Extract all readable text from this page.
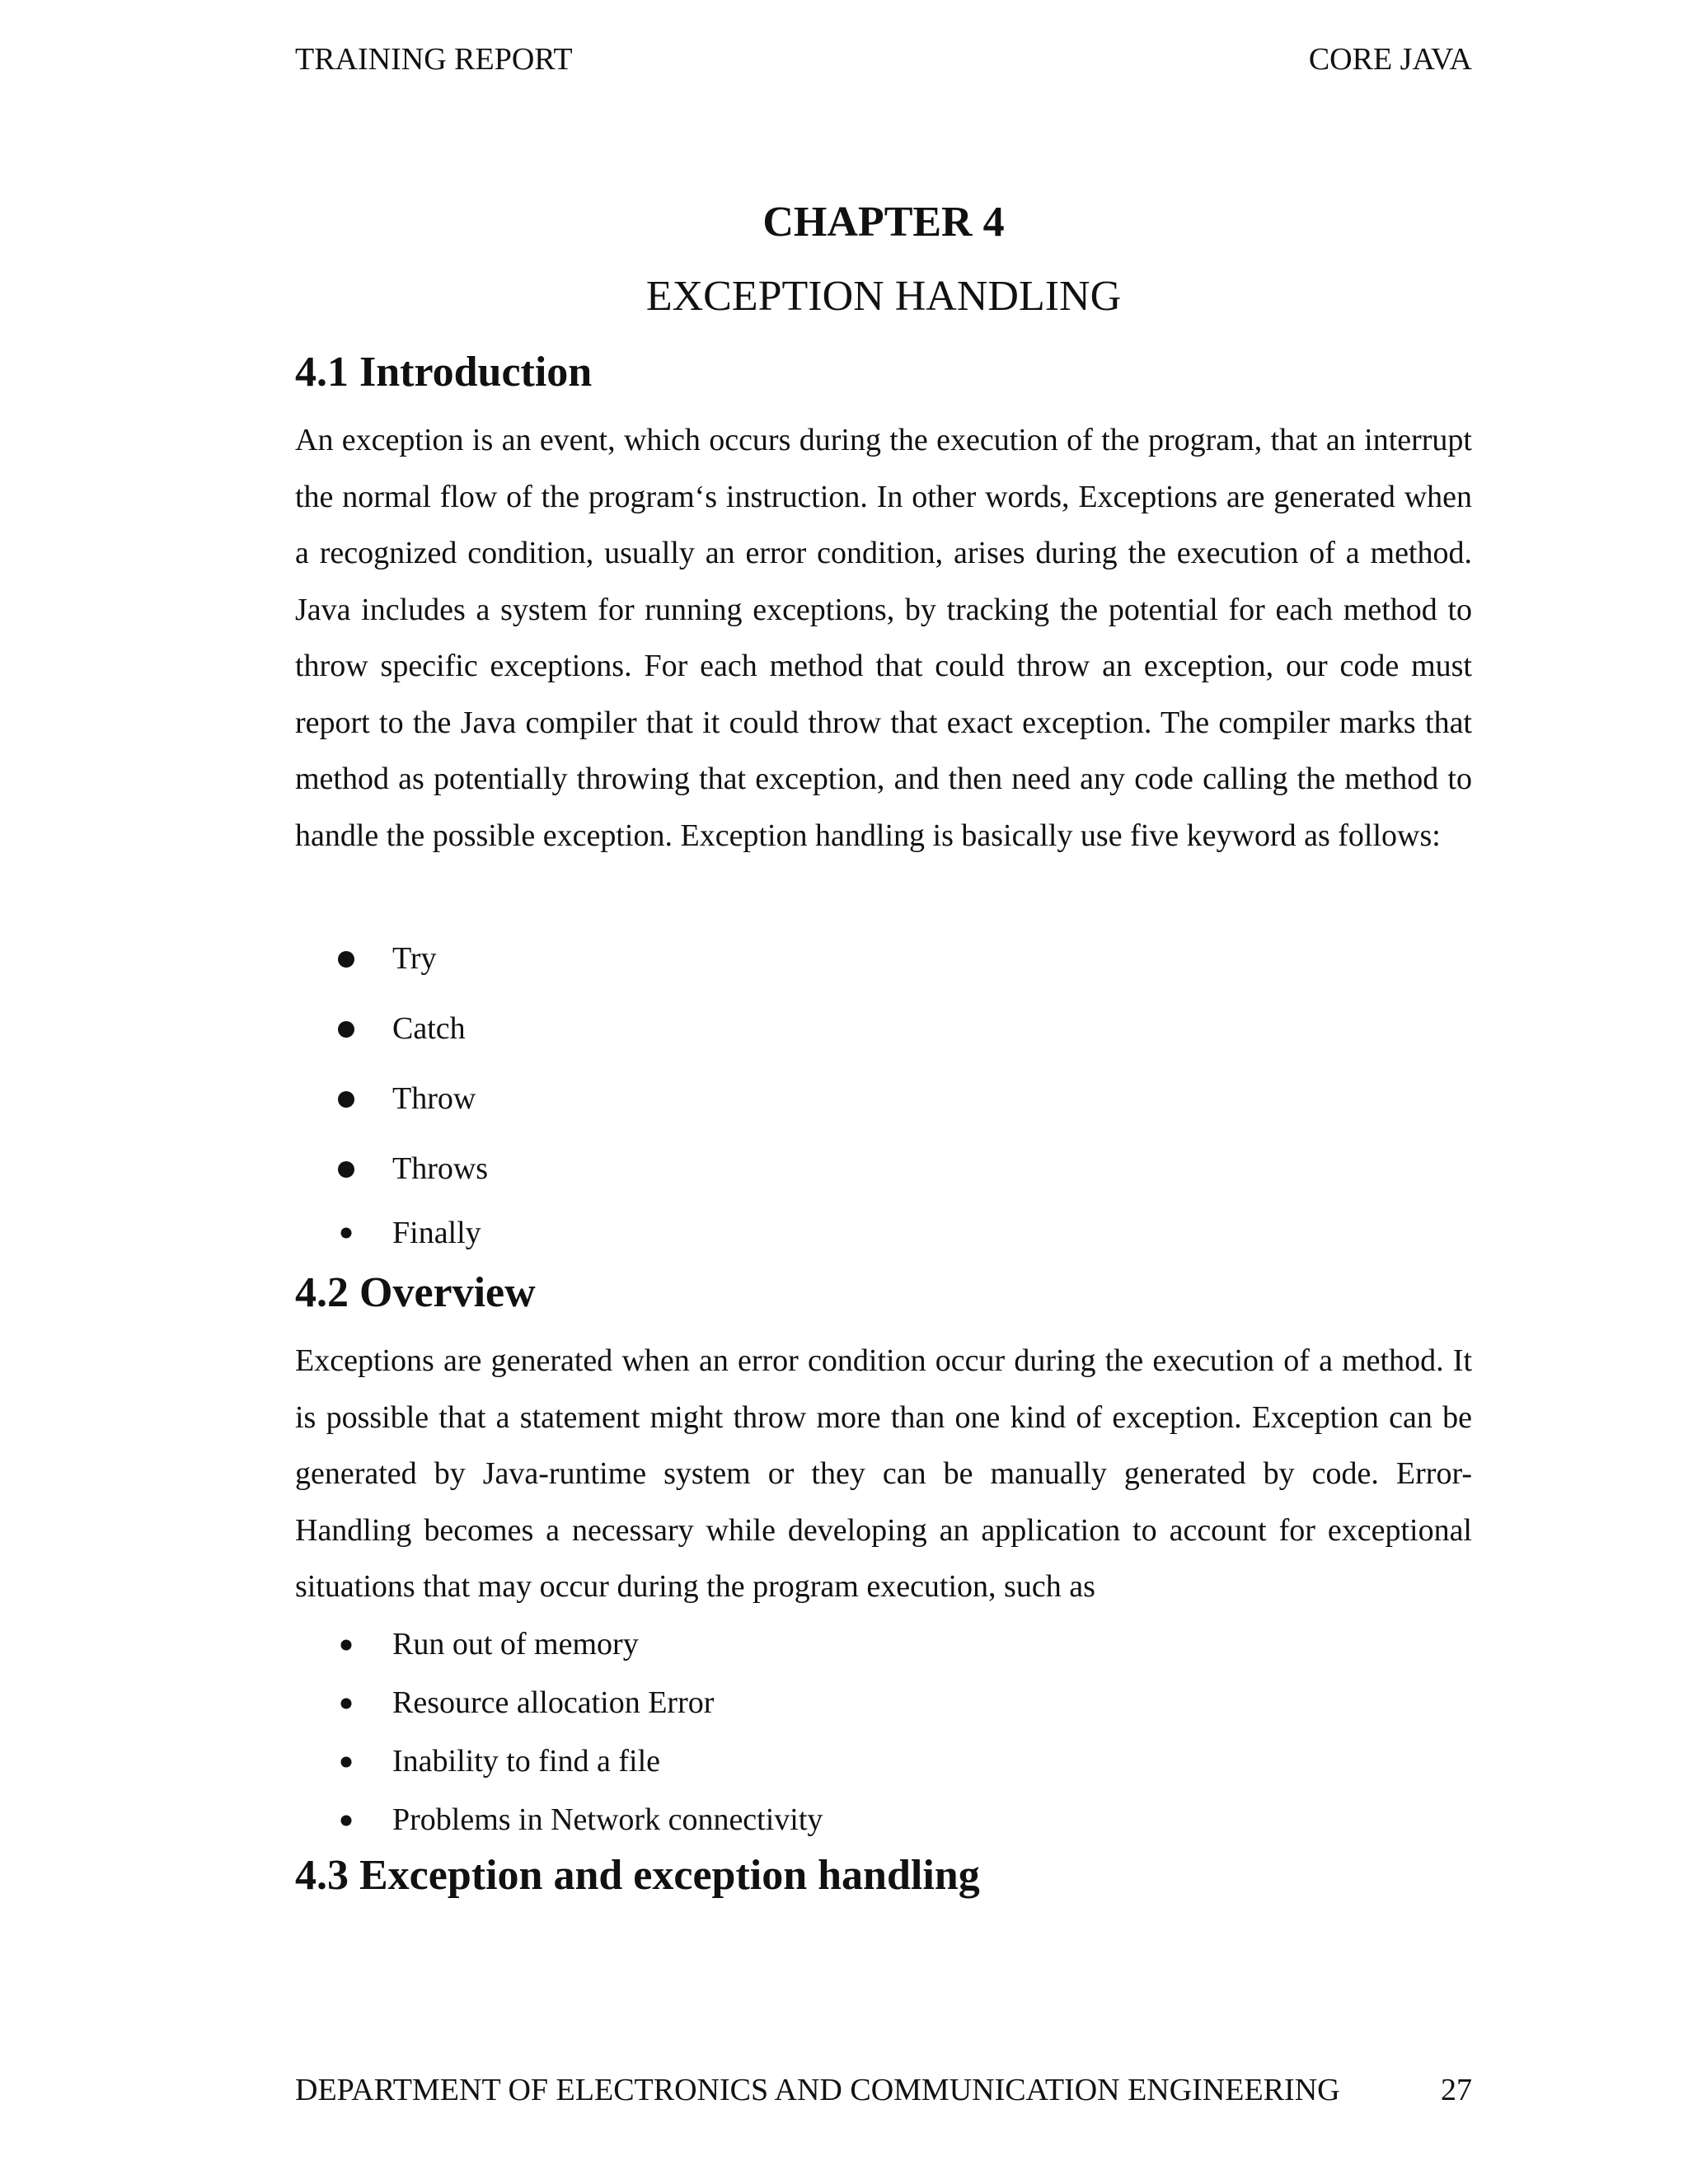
TRAINING REPORT	CORE JAVA
CHAPTER 4
EXCEPTION HANDLING
4.1 Introduction

An exception is an event, which occurs during the execution of the program, that an interrupt the normal flow of the program‘s instruction. In other words, Exceptions are generated when a recognized condition, usually an error condition, arises during the execution of a method. Java includes a system for running exceptions, by tracking the potential for each method to throw specific exceptions. For each method that could throw an exception, our code must report to the Java compiler that it could throw that exact exception. The compiler marks that method as potentially throwing that exception, and then need any code calling the method to handle the possible exception. Exception handling is basically use five keyword as follows:

Try
Catch
Throw
Throws
Finally
4.2 Overview

Exceptions are generated when an error condition occur during the execution of a method. It is possible that a statement might throw more than one kind of exception. Exception can be generated by Java-runtime system or they can be manually generated by code. Error-Handling becomes a necessary while developing an application to account for exceptional situations that may occur during the program execution, such as

Run out of memory
Resource allocation Error
Inability to find a file
Problems in Network connectivity
4.3 Exception and exception handling
DEPARTMENT OF ELECTRONICS AND COMMUNICATION ENGINEERING	27
